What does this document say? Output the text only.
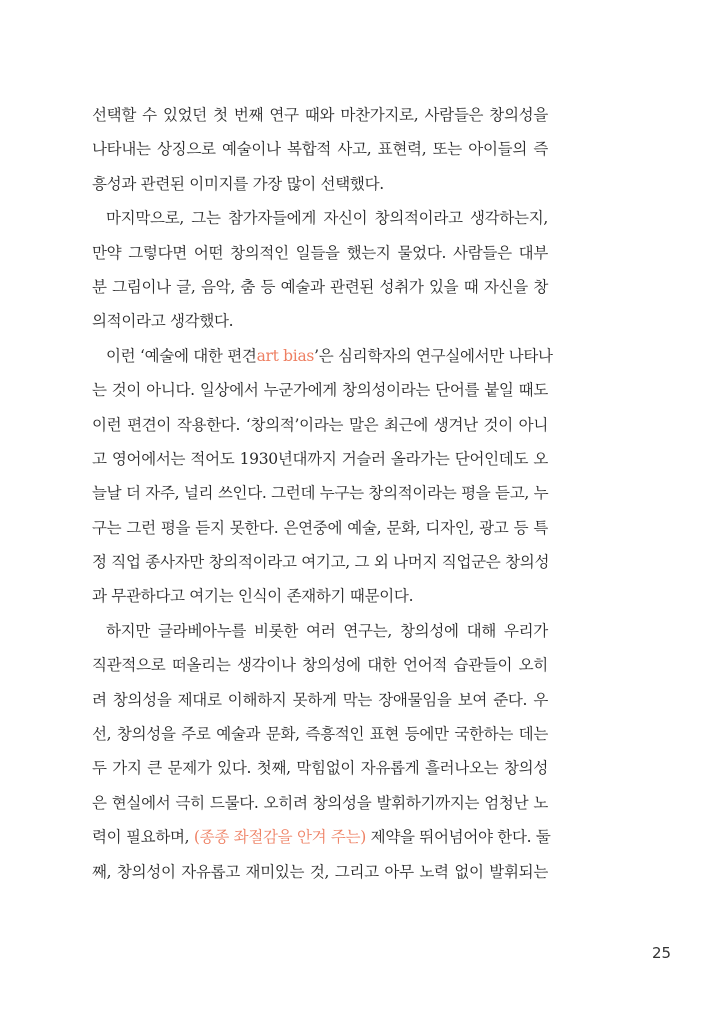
선택할 수 있었던 첫 번째 연구 때와 마찬가지로, 사람들은 창의성을
나타내는 상징으로 예술이나 복합적 사고, 표현력, 또는 아이들의 즉
흥성과 관련된 이미지를 가장 많이 선택했다.
마지막으로, 그는 참가자들에게 자신이 창의적이라고 생각하는지,
만약 그렇다면 어떤 창의적인 일들을 했는지 물었다. 사람들은 대부
분 그림이나 글, 음악, 춤 등 예술과 관련된 성취가 있을 때 자신을 창
의적이라고 생각했다.
이런 ‘예술에 대한 편견art bias’은 심리학자의 연구실에서만 나타나
는 것이 아니다. 일상에서 누군가에게 창의성이라는 단어를 붙일 때도
이런 편견이 작용한다. ‘창의적’이라는 말은 최근에 생겨난 것이 아니
고 영어에서는 적어도 1930년대까지 거슬러 올라가는 단어인데도 오
늘날 더 자주, 널리 쓰인다. 그런데 누구는 창의적이라는 평을 듣고, 누
구는 그런 평을 듣지 못한다. 은연중에 예술, 문화, 디자인, 광고 등 특
정 직업 종사자만 창의적이라고 여기고, 그 외 나머지 직업군은 창의성
과 무관하다고 여기는 인식이 존재하기 때문이다.
하지만 글라베아누를 비롯한 여러 연구는, 창의성에 대해 우리가
직관적으로 떠올리는 생각이나 창의성에 대한 언어적 습관들이 오히
려 창의성을 제대로 이해하지 못하게 막는 장애물임을 보여 준다. 우
선, 창의성을 주로 예술과 문화, 즉흥적인 표현 등에만 국한하는 데는
두 가지 큰 문제가 있다. 첫째, 막힘없이 자유롭게 흘러나오는 창의성
은 현실에서 극히 드물다. 오히려 창의성을 발휘하기까지는 엄청난 노
력이 필요하며, (종종 좌절감을 안겨 주는) 제약을 뛰어넘어야 한다. 둘
째, 창의성이 자유롭고 재미있는 것, 그리고 아무 노력 없이 발휘되는
25
